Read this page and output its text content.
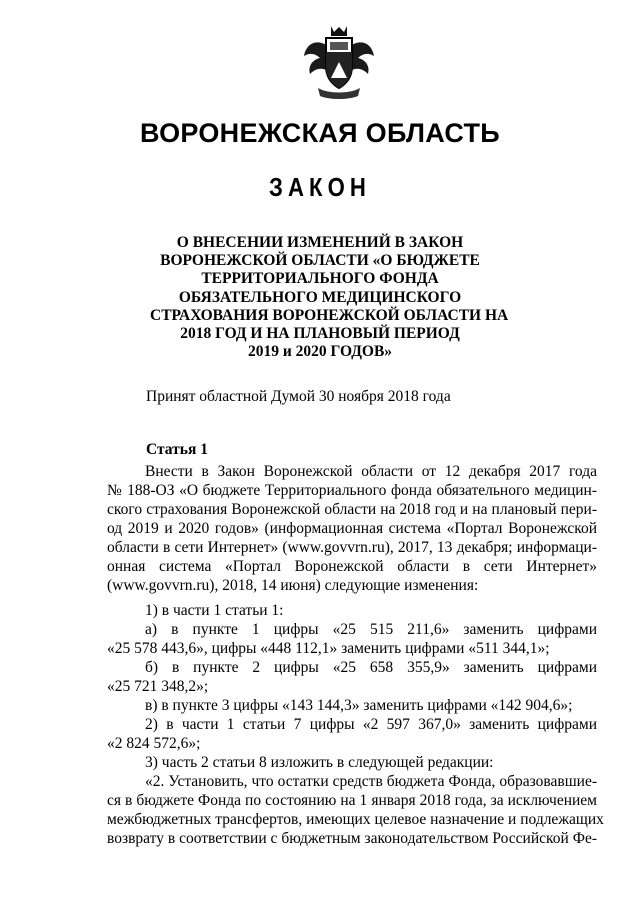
ВОРОНЕЖСКАЯ ОБЛАСТЬ
ЗАКОН
О ВНЕСЕНИИ ИЗМЕНЕНИЙ В ЗАКОН
ВОРОНЕЖСКОЙ ОБЛАСТИ «О БЮДЖЕТЕ
ТЕРРИТОРИАЛЬНОГО ФОНДА
ОБЯЗАТЕЛЬНОГО МЕДИЦИНСКОГО
СТРАХОВАНИЯ ВОРОНЕЖСКОЙ ОБЛАСТИ НА
2018 ГОД И НА ПЛАНОВЫЙ ПЕРИОД
2019 и 2020 ГОДОВ»
Принят областной Думой 30 ноября 2018 года
Статья 1
Внести в Закон Воронежской области от 12 декабря 2017 года
№ 188-ОЗ «О бюджете Территориального фонда обязательного медицин-
ского страхования Воронежской области на 2018 год и на плановый пери-
од 2019 и 2020 годов» (информационная система «Портал Воронежской
области в сети Интернет» (www.govvrn.ru), 2017, 13 декабря; информаци-
онная система «Портал Воронежской области в сети Интернет»
(www.govvrn.ru), 2018, 14 июня) следующие изменения:
1) в части 1 статьи 1:
а) в пункте 1 цифры «25 515 211,6» заменить цифрами
«25 578 443,6», цифры «448 112,1» заменить цифрами «511 344,1»;
б) в пункте 2 цифры «25 658 355,9» заменить цифрами
«25 721 348,2»;
в) в пункте 3 цифры «143 144,3» заменить цифрами «142 904,6»;
2) в части 1 статьи 7 цифры «2 597 367,0» заменить цифрами
«2 824 572,6»;
3) часть 2 статьи 8 изложить в следующей редакции:
«2. Установить, что остатки средств бюджета Фонда, образовавшие-
ся в бюджете Фонда по состоянию на 1 января 2018 года, за исключением
межбюджетных трансфертов, имеющих целевое назначение и подлежащих
возврату в соответствии с бюджетным законодательством Российской Фе-
